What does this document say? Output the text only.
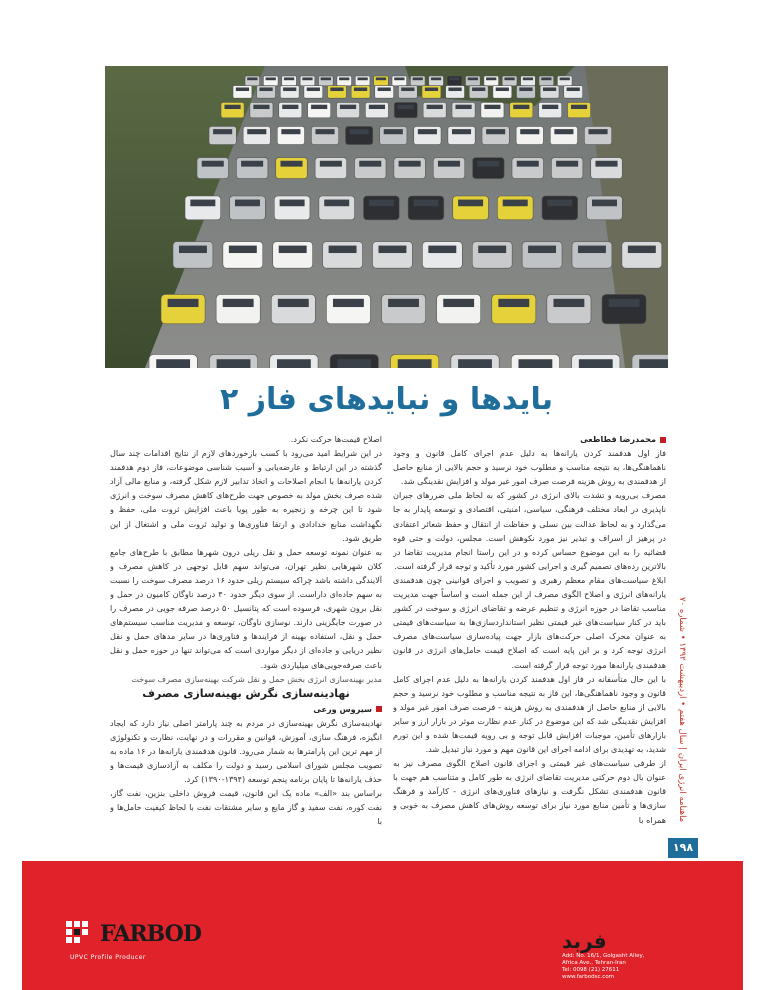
بایدها و نبایدهای فاز ۲

محمدرضا قطاطعی

فاز اول هدفمند کردن یارانه‌ها به دلیل عدم اجرای کامل قانون و وجود ناهماهنگی‌ها، به نتیجه مناسب و مطلوب خود نرسید و حجم بالایی از منابع حاصل از هدفمندی به روش هزینه فرصت صرف امور غیر مولد و افزایش نقدینگی شد.

مصرف بی‌رویه و تشدت بالای انرژی در کشور که به لحاظ ملی ضررهای جبران ناپذیری در ابعاد مختلف فرهنگی، سیاسی، امنیتی، اقتصادی و توسعه پایدار به جا می‌گذارد و به لحاظ عدالت بین نسلی و حفاظت از انتقال و حفظ شعائر اعتقادی در پرهیز از اسراف و تبذیر نیز مورد نکوهش است. مجلس، دولت و حتی قوه قضائیه را به این موضوع حساس کرده و در این راستا انجام مدیریت تقاضا در بالاترین رده‌های تصمیم گیری و اجرایی کشور مورد تأکید و توجه قرار گرفته است.

ابلاغ سیاست‌های مقام معظم رهبری و تصویب و اجرای قوانینی چون هدفمندی یارانه‌های انرژی و اصلاح الگوی مصرف از این جمله است و اساساً جهت مدیریت مناسب تقاضا در حوزه انرژی و تنظیم عرضه و تقاضای انرژی و سوخت در کشور باید در کنار سیاست‌های غیر قیمتی نظیر استانداردسازی‌ها به سیاست‌های قیمتی به عنوان محرک اصلی حرکت‌های بازار جهت پیاده‌سازی سیاست‌های مصرف انرژی توجه کرد و بر این پایه است که اصلاح قیمت حامل‌های انرژی در قانون هدفمندی یارانه‌ها مورد توجه قرار گرفته است.

با این حال متأسفانه در فاز اول هدفمند کردن یارانه‌ها به دلیل عدم اجرای کامل قانون و وجود ناهماهنگی‌ها، این فاز به نتیجه مناسب و مطلوب خود نرسید و حجم بالایی از منابع حاصل از هدفمندی به روش هزینه - فرصت صرف امور غیر مولد و افزایش نقدینگی شد که این موضوع در کنار عدم نظارت موثر در بازار ارز و سایر بازارهای تأمین، موجبات افزایش قابل توجه و بی رویه قیمت‌ها شده و این تورم شدید، به تهدیدی برای ادامه اجرای این قانون مهم و مورد نیاز تبدیل شد.

از طرفی سیاست‌های غیر قیمتی و اجرای قانون اصلاح الگوی مصرف نیز به عنوان بال دوم حرکتی مدیریت تقاضای انرژی به طور کامل و متناسب هم جهت با قانون هدفمندی تشکل نگرفت و نیازهای فناوری‌های انرژی - کارآمد و فرهنگ سازی‌ها و تأمین منابع مورد نیاز برای توسعه روش‌های کاهش مصرف به خوبی و همراه با

اصلاح قیمت‌ها حرکت نکرد.

در این شرایط امید می‌رود با کسب بازخوردهای لازم از نتایج اقدامات چند سال گذشته در این ارتباط و عارضه‌یابی و آسیب شناسی موضوعات، فاز دوم هدفمند کردن یارانه‌ها با انجام اصلاحات و اتخاذ تدابیر لازم شکل گرفته، و منابع مالی آزاد شده صرف بخش مولد به خصوص جهت طرح‌های کاهش مصرف سوخت و انرژی شود تا این چرخه و زنجیره به طور پویا باعث افزایش ثروت ملی، حفظ و نگهداشت منابع خدادادی و ارتقا فناوری‌ها و تولید ثروت ملی و اشتغال از این طریق شود.

به عنوان نمونه توسعه حمل و نقل ریلی درون شهرها مطابق با طرح‌های جامع کلان شهرهایی نظیر تهران، می‌تواند سهم قابل توجهی در کاهش مصرف و آلایندگی داشته باشد چراکه سیستم ریلی حدود ۱۶ درصد مصرف سوخت را نسبت به سهم جاده‌ای داراست. از سوی دیگر حدود ۴۰ درصد ناوگان کامیون در حمل و نقل برون شهری، فرسوده است که پتانسیل ۵۰ درصد صرفه جویی در مصرف را در صورت جایگزینی دارند. نوسازی ناوگان، توسعه و مدیریت مناسب سیستم‌های حمل و نقل، استفاده بهینه از فرایندها و فناوری‌ها در سایر مدهای حمل و نقل نظیر دریایی و جاده‌ای از دیگر مواردی است که می‌تواند تنها در حوزه حمل و نقل باعث صرفه‌جویی‌های میلیاردی شود.

مدیر بهینه‌سازی انرژی بخش حمل و نقل شرکت بهینه‌سازی مصرف سوخت

نهادینه‌سازی نگرش بهینه‌سازی مصرف

سیروس ورعی

نهادینه‌سازی نگرش بهینه‌سازی در مردم به چند پارامتر اصلی نیاز دارد که ایجاد انگیزه، فرهنگ سازی، آموزش، قوانین و مقررات و در نهایت، نظارت و تکنولوژی از مهم ترین این پارامترها به شمار می‌رود. قانون هدفمندی یارانه‌ها در ۱۶ ماده به تصویب مجلس شورای اسلامی رسید و دولت را مکلف به آزادسازی قیمت‌ها و حذف یارانه‌ها تا پایان برنامه پنجم توسعه (۱۳۹۴-۱۳۹۰) کرد.

براساس بند «الف» ماده یک این قانون، قیمت فروش داخلی بنزین، نفت گاز، نفت کوره، نفت سفید و گاز مایع و سایر مشتقات نفت با لحاظ کیفیت حامل‌ها و با

ماهنامه انرژی ایران | سال هفتم • اردیبهشت ۱۳۹۲ • شماره ۷۰
۱۹۸
FARBOD
UPVC Profile Producer
فربد
Add: No. 16/1, Golgasht Alley,
Africa Ave., Tehran-Iran
Tel: 0098 (21) 27611
www.farbodsc.com
